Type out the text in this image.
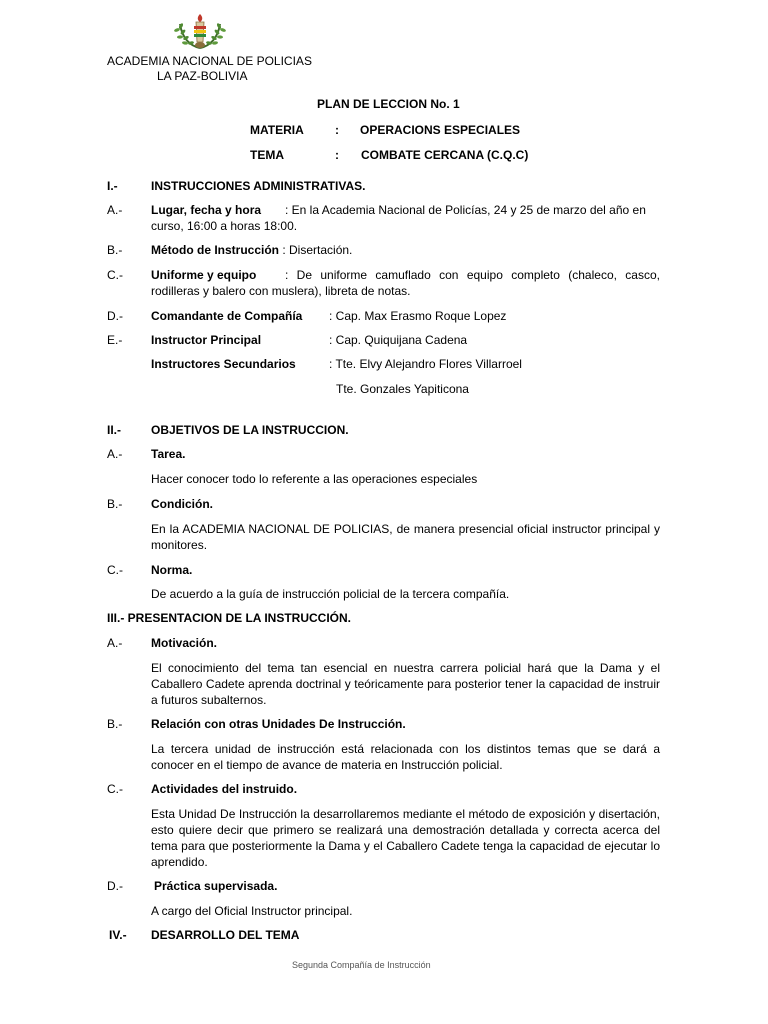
ACADEMIA NACIONAL DE POLICIAS
LA PAZ-BOLIVIA
PLAN DE LECCION No. 1
MATERIA	: OPERACIONS ESPECIALES
TEMA	: COMBATE CERCANA (C.Q.C)
I.-	INSTRUCCIONES ADMINISTRATIVAS.
A.- Lugar, fecha y hora : En la Academia Nacional de Policías, 24 y 25 de marzo del año en
curso, 16:00 a horas 18:00.
B.- Método de Instrucción : Disertación.
C.- Uniforme y equipo : De uniforme camuflado con equipo completo (chaleco, casco,
rodilleras y balero con muslera), libreta de notas.
D.- Comandante de Compañía : Cap. Max Erasmo Roque Lopez
E.- Instructor Principal	: Cap. Quiquijana Cadena
Instructores Secundarios	: Tte. Elvy Alejandro Flores Villarroel
Tte. Gonzales Yapiticona
II.-	OBJETIVOS DE LA INSTRUCCION.
A.- Tarea.
Hacer conocer todo lo referente a las operaciones especiales
B.- Condición.
En la ACADEMIA NACIONAL DE POLICIAS, de manera presencial oficial instructor principal y monitores.
C.- Norma.
De acuerdo a la guía de instrucción policial de la tercera compañía.
III.- PRESENTACION DE LA INSTRUCCIÓN.
A.- Motivación.
El conocimiento del tema tan esencial en nuestra carrera policial hará que la Dama y el Caballero Cadete aprenda doctrinal y teóricamente para posterior tener la capacidad de instruir a futuros subalternos.
B.- Relación con otras Unidades De Instrucción.
La tercera unidad de instrucción está relacionada con los distintos temas que se dará a conocer en el tiempo de avance de materia en Instrucción policial.
C.- Actividades del instruido.
Esta Unidad De Instrucción la desarrollaremos mediante el método de exposición y disertación, esto quiere decir que primero se realizará una demostración detallada y correcta acerca del tema para que posteriormente la Dama y el Caballero Cadete tenga la capacidad de ejecutar lo aprendido.
D.-	Práctica supervisada.
A cargo del Oficial Instructor principal.
IV.- DESARROLLO DEL TEMA
Segunda Compañía de Instrucción
